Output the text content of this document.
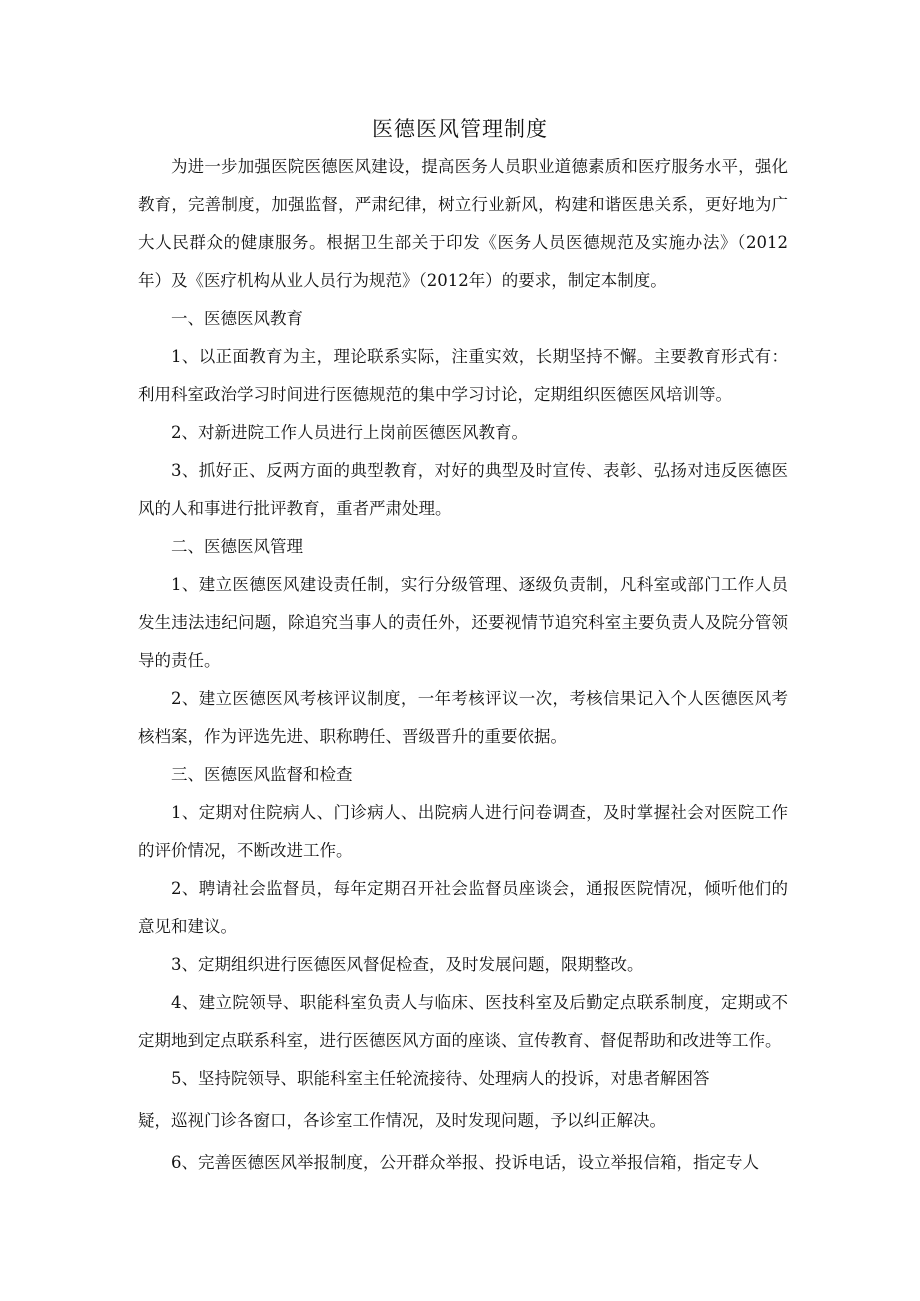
医德医风管理制度

为进一步加强医院医德医风建设，提高医务人员职业道德素质和医疗服务水平，强化教育，完善制度，加强监督，严肃纪律，树立行业新风，构建和谐医患关系，更好地为广大人民群众的健康服务。根据卫生部关于印发《医务人员医德规范及实施办法》（2012年）及《医疗机构从业人员行为规范》（2012年）的要求，制定本制度。

一、医德医风教育

1、以正面教育为主，理论联系实际，注重实效，长期坚持不懈。主要教育形式有：利用科室政治学习时间进行医德规范的集中学习讨论，定期组织医德医风培训等。

2、对新进院工作人员进行上岗前医德医风教育。

3、抓好正、反两方面的典型教育，对好的典型及时宣传、表彰、弘扬对违反医德医风的人和事进行批评教育，重者严肃处理。

二、医德医风管理

1、建立医德医风建设责任制，实行分级管理、逐级负责制，凡科室或部门工作人员发生违法违纪问题，除追究当事人的责任外，还要视情节追究科室主要负责人及院分管领导的责任。

2、建立医德医风考核评议制度，一年考核评议一次，考核信果记入个人医德医风考核档案，作为评选先进、职称聘任、晋级晋升的重要依据。

三、医德医风监督和检查

1、定期对住院病人、门诊病人、出院病人进行问卷调查，及时掌握社会对医院工作的评价情况，不断改进工作。

2、聘请社会监督员，每年定期召开社会监督员座谈会，通报医院情况，倾听他们的意见和建议。

3、定期组织进行医德医风督促检查，及时发展问题，限期整改。

4、建立院领导、职能科室负责人与临床、医技科室及后勤定点联系制度，定期或不定期地到定点联系科室，进行医德医风方面的座谈、宣传教育、督促帮助和改进等工作。

5、坚持院领导、职能科室主任轮流接待、处理病人的投诉，对患者解困答

疑，巡视门诊各窗口，各诊室工作情况，及时发现问题，予以纠正解决。

6、完善医德医风举报制度，公开群众举报、投诉电话，设立举报信箱，指定专人
